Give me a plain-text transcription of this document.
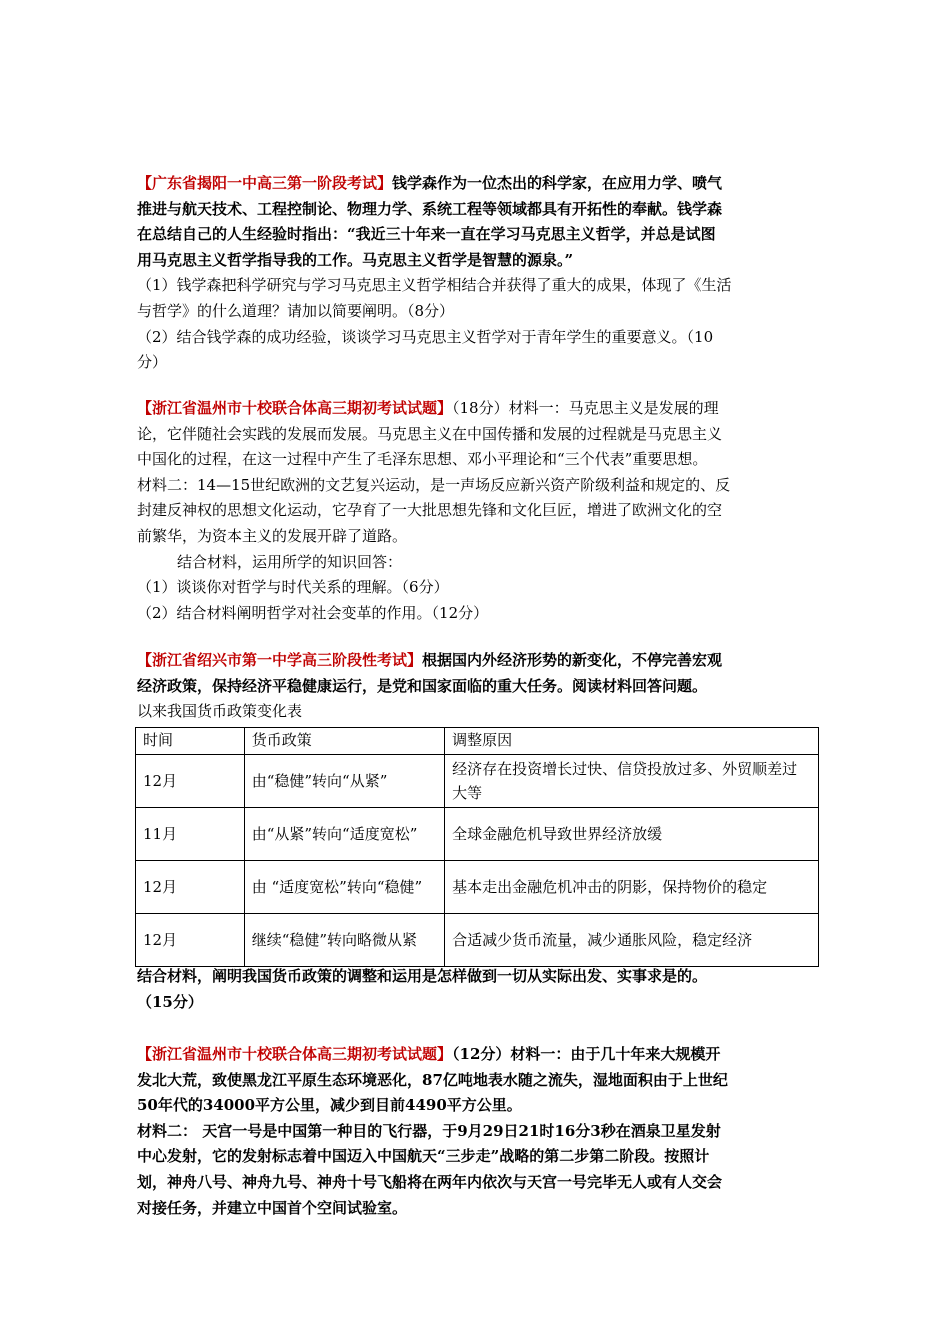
【广东省揭阳一中高三第一阶段考试】钱学森作为一位杰出的科学家，在应用力学、喷气
推进与航天技术、工程控制论、物理力学、系统工程等领域都具有开拓性的奉献。钱学森
在总结自己的人生经验时指出：“我近三十年来一直在学习马克思主义哲学，并总是试图
用马克思主义哲学指导我的工作。马克思主义哲学是智慧的源泉。”
（1）钱学森把科学研究与学习马克思主义哲学相结合并获得了重大的成果，体现了《生活
与哲学》的什么道理？请加以简要阐明。（8分）
（2）结合钱学森的成功经验，谈谈学习马克思主义哲学对于青年学生的重要意义。（10
分）
【浙江省温州市十校联合体高三期初考试试题】（18分）材料一：马克思主义是发展的理
论，它伴随社会实践的发展而发展。马克思主义在中国传播和发展的过程就是马克思主义
中国化的过程，在这一过程中产生了毛泽东思想、邓小平理论和“三个代表”重要思想。
材料二：14—15世纪欧洲的文艺复兴运动，是一声场反应新兴资产阶级利益和规定的、反
封建反神权的思想文化运动，它孕育了一大批思想先锋和文化巨匠，增进了欧洲文化的空
前繁华，为资本主义的发展开辟了道路。
结合材料，运用所学的知识回答：
（1）谈谈你对哲学与时代关系的理解。（6分）
（2）结合材料阐明哲学对社会变革的作用。（12分）
【浙江省绍兴市第一中学高三阶段性考试】根据国内外经济形势的新变化，不停完善宏观
经济政策，保持经济平稳健康运行，是党和国家面临的重大任务。阅读材料回答问题。
以来我国货币政策变化表
时间	货币政策	调整原因
12月	由“稳健”转向“从紧”	经济存在投资增长过快、信贷投放过多、外贸顺差过大等
11月	由“从紧”转向“适度宽松”	全球金融危机导致世界经济放缓
12月	由 “适度宽松”转向“稳健”	基本走出金融危机冲击的阴影，保持物价的稳定
12月	继续“稳健”转向略微从紧	合适减少货币流量，减少通胀风险，稳定经济
结合材料，阐明我国货币政策的调整和运用是怎样做到一切从实际出发、实事求是的。
（15分）
【浙江省温州市十校联合体高三期初考试试题】（12分）材料一：由于几十年来大规模开
发北大荒，致使黑龙江平原生态环境恶化，87亿吨地表水随之流失，湿地面积由于上世纪
50年代的34000平方公里，减少到目前4490平方公里。
材料二： 天宫一号是中国第一种目的飞行器，于9月29日21时16分3秒在酒泉卫星发射
中心发射，它的发射标志着中国迈入中国航天“三步走”战略的第二步第二阶段。按照计
划，神舟八号、神舟九号、神舟十号飞船将在两年内依次与天宫一号完毕无人或有人交会
对接任务，并建立中国首个空间试验室。
